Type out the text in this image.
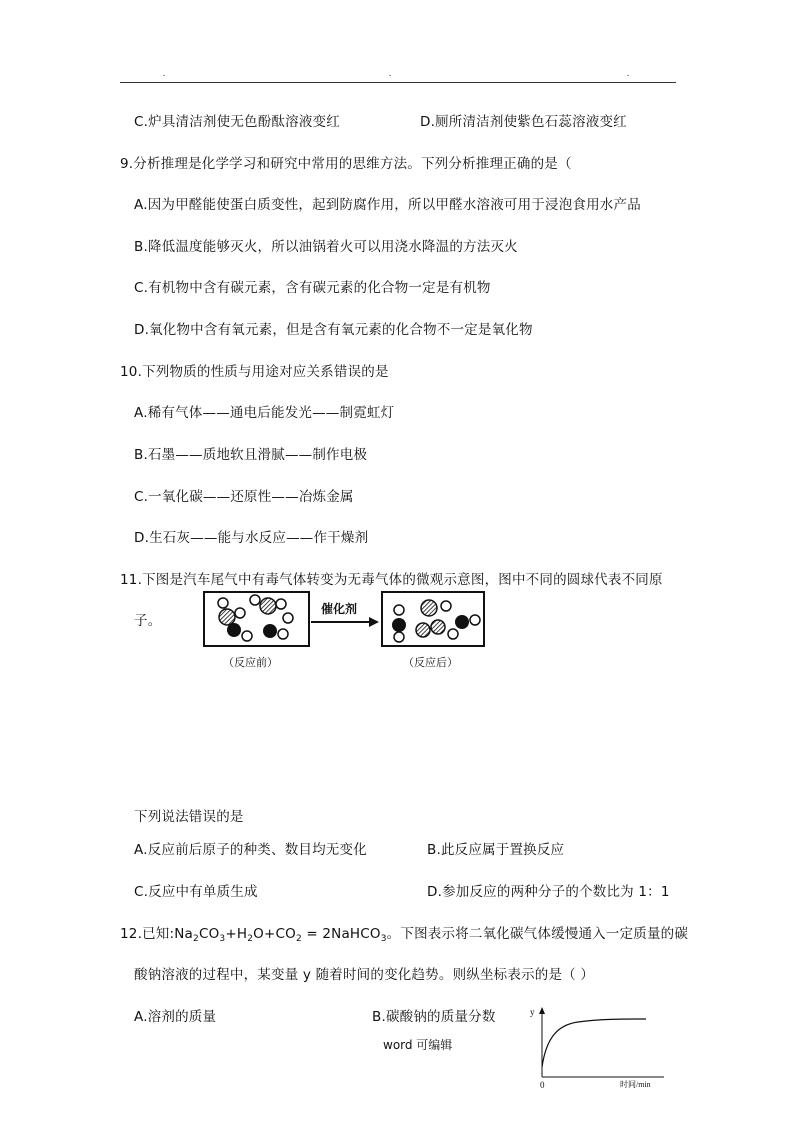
.	.	.
C.炉具清洁剂使无色酚酞溶液变红	D.厕所清洁剂使紫色石蕊溶液变红
9.分析推理是化学学习和研究中常用的思维方法。下列分析推理正确的是（
A.因为甲醛能使蛋白质变性，起到防腐作用，所以甲醛水溶液可用于浸泡食用水产品
B.降低温度能够灭火，所以油锅着火可以用浇水降温的方法灭火
C.有机物中含有碳元素，含有碳元素的化合物一定是有机物
D.氧化物中含有氧元素，但是含有氧元素的化合物不一定是氧化物
10.下列物质的性质与用途对应关系错误的是
A.稀有气体——通电后能发光——制霓虹灯
B.石墨——质地软且滑腻——制作电极
C.一氧化碳——还原性——冶炼金属
D.生石灰——能与水反应——作干燥剂
11.下图是汽车尾气中有毒气体转变为无毒气体的微观示意图，图中不同的圆球代表不同原
子。
催化剂
（反应前）	（反应后）
下列说法错误的是
A.反应前后原子的种类、数目均无变化	B.此反应属于置换反应
C.反应中有单质生成	D.参加反应的两种分子的个数比为 1：1
12.已知$:Na_2CO_3+H_2O+CO_2$ = 2NaHCO$_3$。下图表示将二氧化碳气体缓慢通入一定质量的碳
酸钠溶液的过程中，某变量 y 随着时间的变化趋势。则纵坐标表示的是（ ）
A.溶剂的质量	B.碳酸钠的质量分数	y
0	时间/min
word 可编辑
